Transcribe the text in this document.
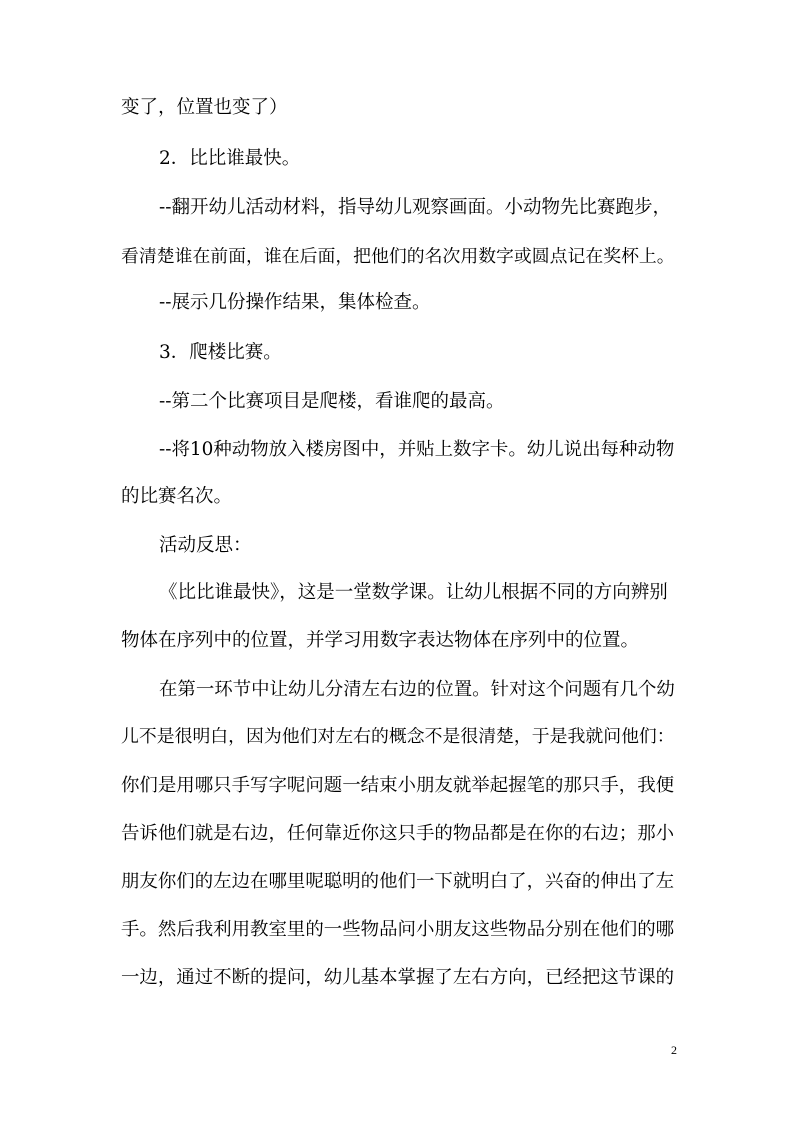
变了，位置也变了）
2．比比谁最快。
--翻开幼儿活动材料，指导幼儿观察画面。小动物先比赛跑步，
看清楚谁在前面，谁在后面，把他们的名次用数字或圆点记在奖杯上。
--展示几份操作结果，集体检查。
3．爬楼比赛。
--第二个比赛项目是爬楼，看谁爬的最高。
--将10种动物放入楼房图中，并贴上数字卡。幼儿说出每种动物
的比赛名次。
活动反思：
《比比谁最快》，这是一堂数学课。让幼儿根据不同的方向辨别
物体在序列中的位置，并学习用数字表达物体在序列中的位置。
在第一环节中让幼儿分清左右边的位置。针对这个问题有几个幼
儿不是很明白，因为他们对左右的概念不是很清楚，于是我就问他们：
你们是用哪只手写字呢问题一结束小朋友就举起握笔的那只手，我便
告诉他们就是右边，任何靠近你这只手的物品都是在你的右边；那小
朋友你们的左边在哪里呢聪明的他们一下就明白了，兴奋的伸出了左
手。然后我利用教室里的一些物品问小朋友这些物品分别在他们的哪
一边，通过不断的提问，幼儿基本掌握了左右方向，已经把这节课的
2
